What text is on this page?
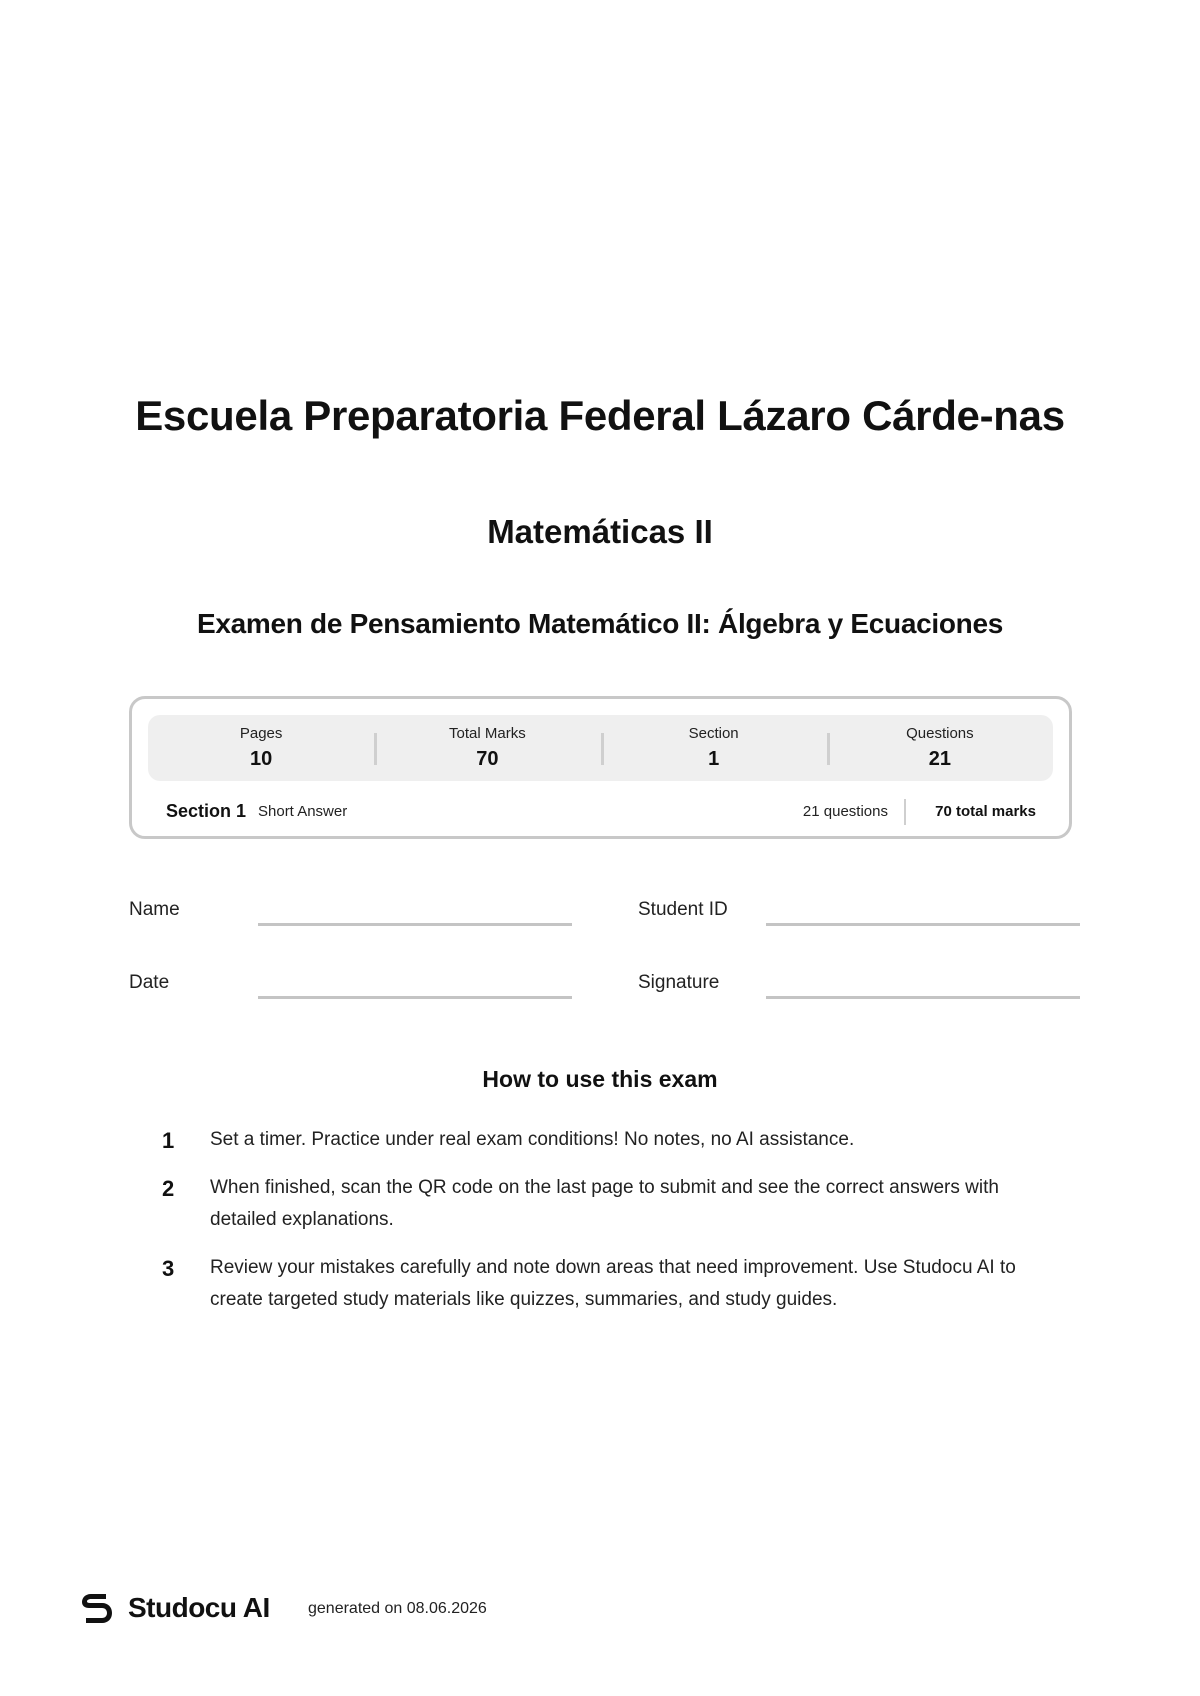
Escuela Preparatoria Federal Lázaro Cárde-nas
Matemáticas II
Examen de Pensamiento Matemático II: Álgebra y Ecuaciones
Pages
10
Total Marks
70
Section
1
Questions
21
Section 1 Short Answer	21 questions	70 total marks
Name	Student ID
Date	Signature
How to use this exam
1 Set a timer. Practice under real exam conditions! No notes, no AI assistance.
2 When finished, scan the QR code on the last page to submit and see the correct answers with detailed explanations.
3 Review your mistakes carefully and note down areas that need improvement. Use Studocu AI to create targeted study materials like quizzes, summaries, and study guides.
Studocu AI generated on 08.06.2026
